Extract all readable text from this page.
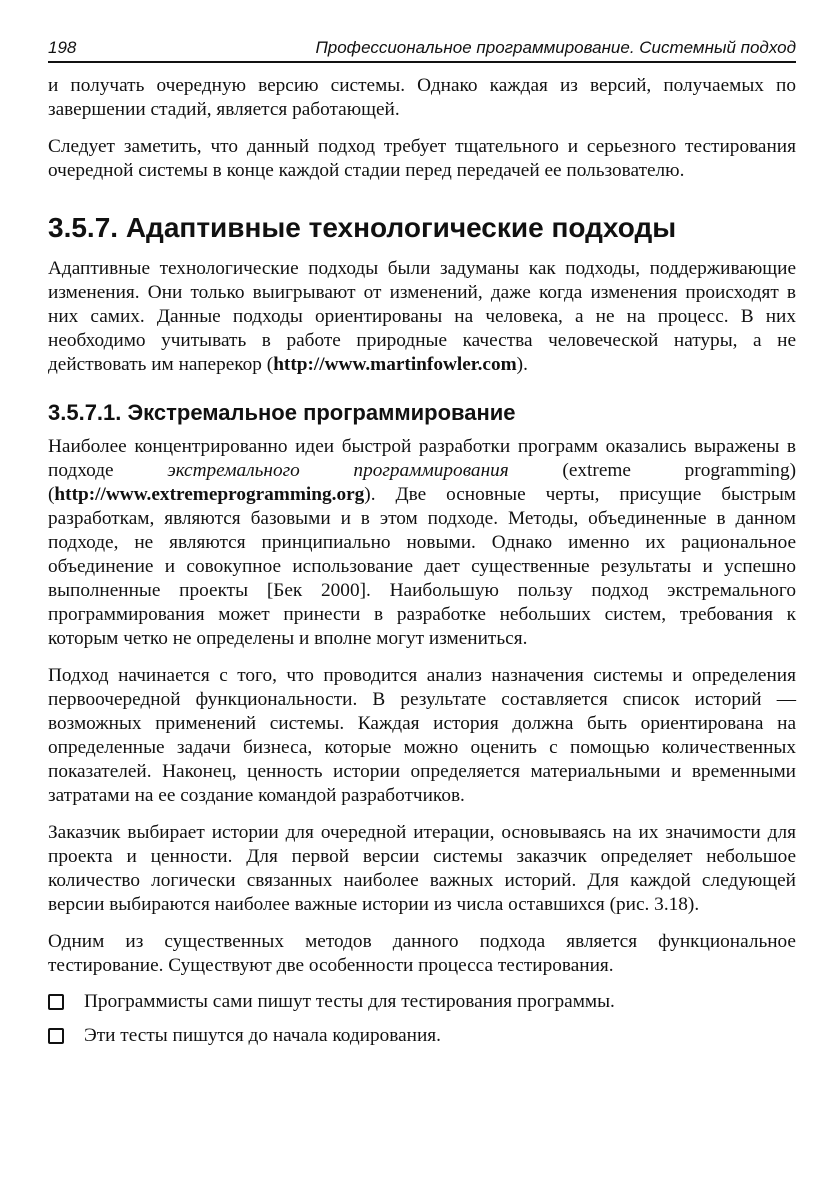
198	Профессиональное программирование. Системный подход

и получать очередную версию системы. Однако каждая из версий, получаемых по завершении стадий, является работающей.

Следует заметить, что данный подход требует тщательного и серьезного тестирования очередной системы в конце каждой стадии перед передачей ее пользователю.

3.5.7. Адаптивные технологические подходы

Адаптивные технологические подходы были задуманы как подходы, поддерживающие изменения. Они только выигрывают от изменений, даже когда изменения происходят в них самих. Данные подходы ориентированы на человека, а не на процесс. В них необходимо учитывать в работе природные качества человеческой натуры, а не действовать им наперекор (http://www.martinfowler.com).

3.5.7.1. Экстремальное программирование

Наиболее концентрированно идеи быстрой разработки программ оказались выражены в подходе экстремального программирования (extreme programming) (http://www.extremeprogramming.org). Две основные черты, присущие быстрым разработкам, являются базовыми и в этом подходе. Методы, объединенные в данном подходе, не являются принципиально новыми. Однако именно их рациональное объединение и совокупное использование дает существенные результаты и успешно выполненные проекты [Бек 2000]. Наибольшую пользу подход экстремального программирования может принести в разработке небольших систем, требования к которым четко не определены и вполне могут измениться.

Подход начинается с того, что проводится анализ назначения системы и определения первоочередной функциональности. В результате составляется список историй — возможных применений системы. Каждая история должна быть ориентирована на определенные задачи бизнеса, которые можно оценить с помощью количественных показателей. Наконец, ценность истории определяется материальными и временными затратами на ее создание командой разработчиков.

Заказчик выбирает истории для очередной итерации, основываясь на их значимости для проекта и ценности. Для первой версии системы заказчик определяет небольшое количество логически связанных наиболее важных историй. Для каждой следующей версии выбираются наиболее важные истории из числа оставшихся (рис. 3.18).

Одним из существенных методов данного подхода является функциональное тестирование. Существуют две особенности процесса тестирования.

Программисты сами пишут тесты для тестирования программы.
Эти тесты пишутся до начала кодирования.
